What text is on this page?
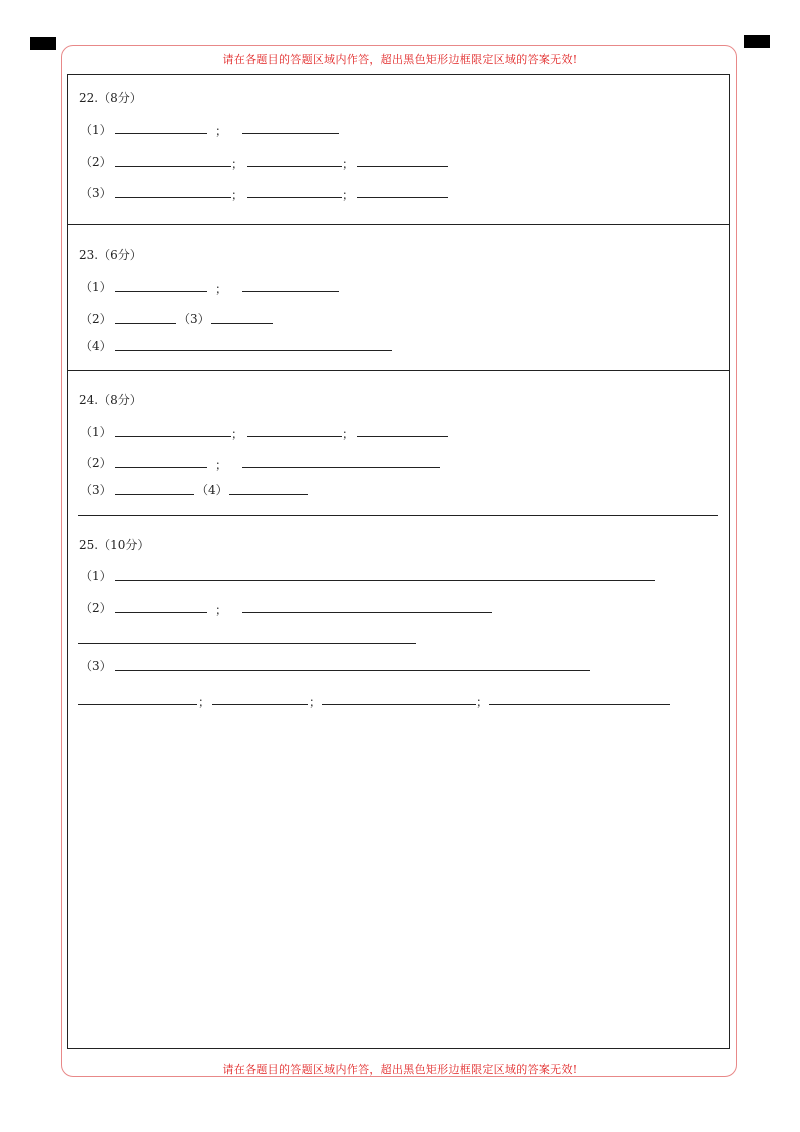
请在各题目的答题区域内作答，超出黑色矩形边框限定区域的答案无效!
请在各题目的答题区域内作答，超出黑色矩形边框限定区域的答案无效!
22.（8分）
（1）	；
（2）	；	；
（3）	；	；
23.（6分）
（1）	；
（2）	（3）
（4）
24.（8分）
（1）	；	；
（2）	；
（3）	（4）
25.（10分）
（1）
（2）	；
（3）
；	；	；
